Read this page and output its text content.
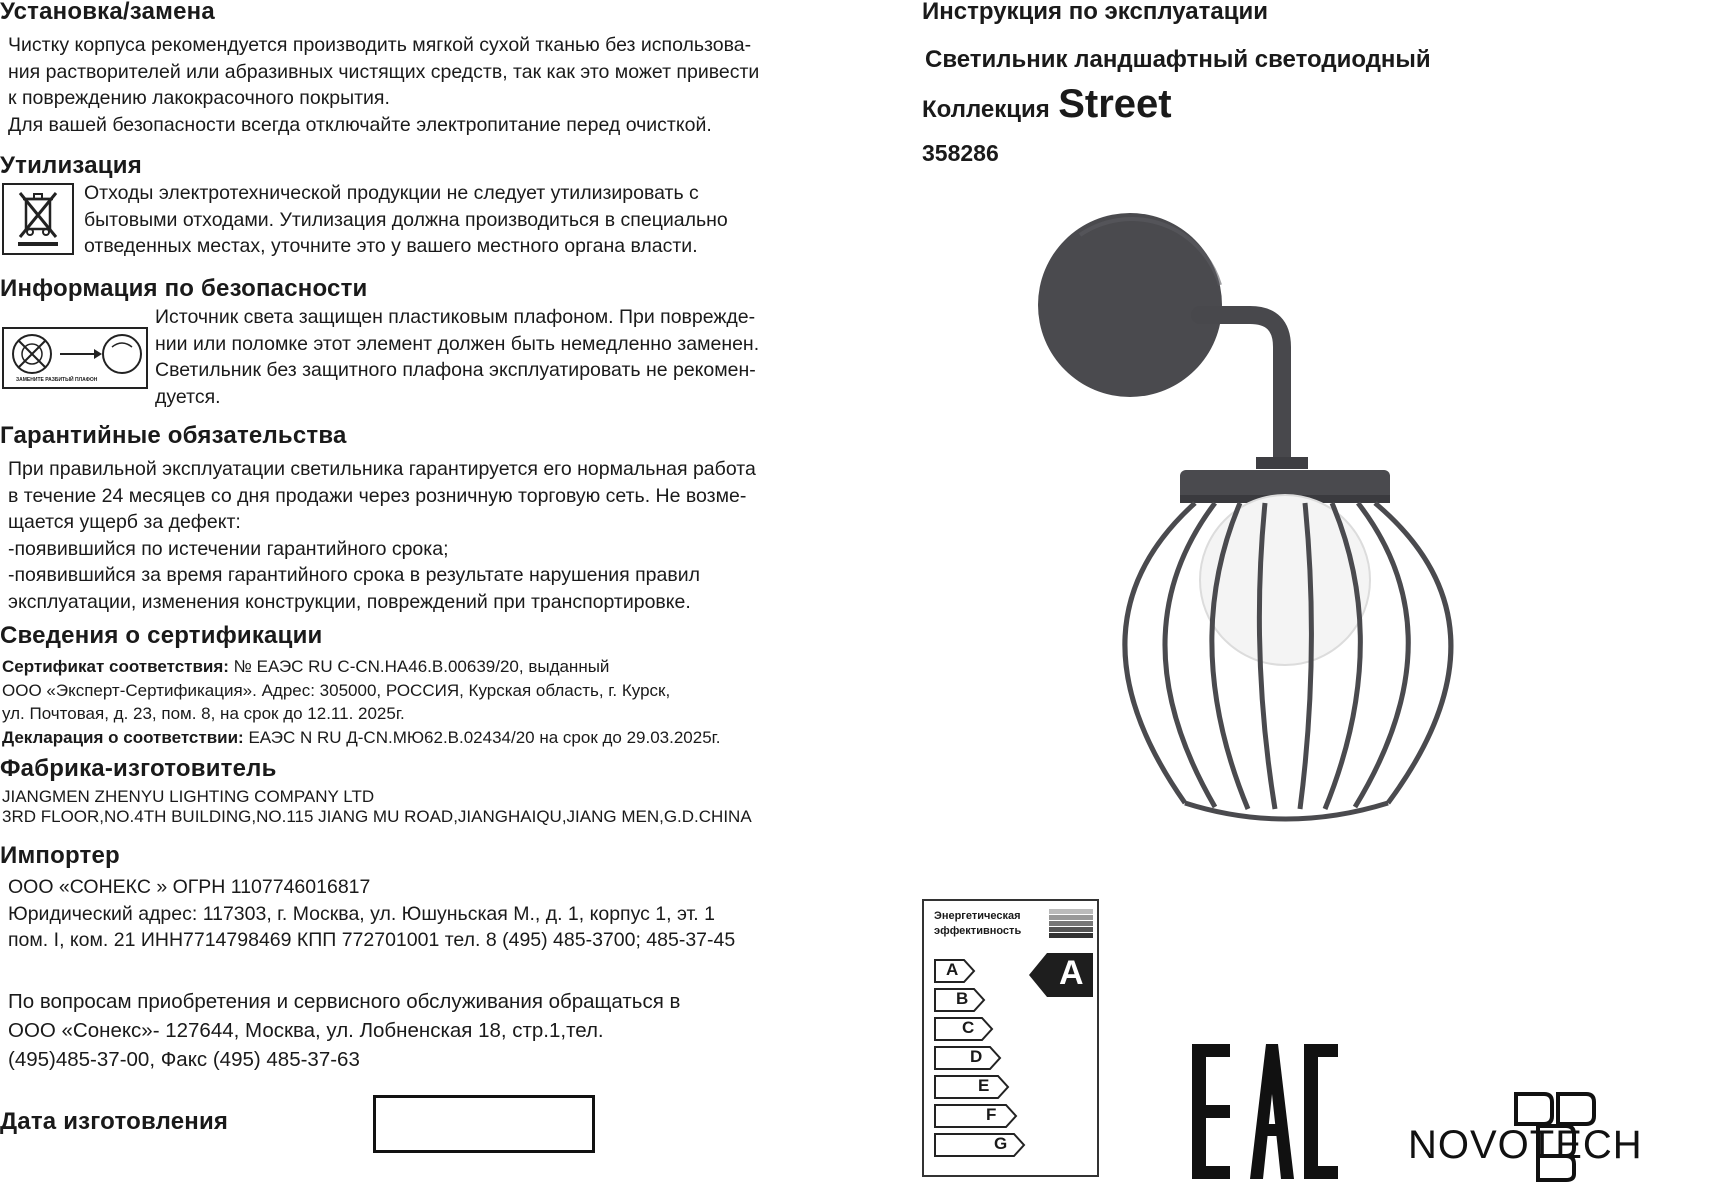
Установка/замена
Чистку корпуса рекомендуется производить мягкой сухой тканью без использова-
ния растворителей или абразивных чистящих средств, так как это может привести
к повреждению лакокрасочного покрытия.
Для вашей безопасности всегда отключайте электропитание перед очисткой.
Утилизация
Отходы электротехнической продукции не следует утилизировать с
бытовыми отходами. Утилизация должна производиться в специально
отведенных местах, уточните это у вашего местного органа власти.
Информация по безопасности
ЗАМЕНИТЕ РАЗБИТЫЙ ПЛАФОН
Источник света защищен пластиковым плафоном. При поврежде-
нии или поломке этот элемент должен быть немедленно заменен.
Светильник без защитного плафона эксплуатировать не рекомен-
дуется.
Гарантийные обязательства
При правильной эксплуатации светильника гарантируется его нормальная работа
в течение 24 месяцев со дня продажи через розничную торговую сеть. Не возме-
щается ущерб за дефект:
-появившийся по истечении гарантийного срока;
-появившийся за время гарантийного срока в результате нарушения правил
эксплуатации, изменения конструкции, повреждений при транспортировке.
Сведения о сертификации
Сертификат соответствия: № ЕАЭС RU C-CN.НА46.В.00639/20, выданный
ООО «Эксперт-Сертификация». Адрес: 305000, РОССИЯ, Курская область, г. Курск,
ул. Почтовая, д. 23, пом. 8, на срок до 12.11. 2025г.
Декларация о соответствии: ЕАЭС N RU Д-CN.МЮ62.В.02434/20 на срок до 29.03.2025г.
Фабрика-изготовитель
JIANGMEN ZHENYU LIGHTING COMPANY LTD
3RD FLOOR,NO.4TH BUILDING,NO.115 JIANG MU ROAD,JIANGHAIQU,JIANG MEN,G.D.CHINA
Импортер
ООО «СОНЕКС » ОГРН 1107746016817
Юридический адрес: 117303, г. Москва, ул. Юшуньская М., д. 1, корпус 1, эт. 1
пом. I, ком. 21 ИНН7714798469 КПП 772701001 тел. 8 (495) 485-3700; 485-37-45
По вопросам приобретения и сервисного обслуживания обращаться в
ООО «Сонекс»- 127644, Москва, ул. Лобненская 18, стр.1,тел.
(495)485-37-00, Факс (495) 485-37-63
Дата изготовления
Инструкция по эксплуатации
Светильник ландшафтный светодиодный
Коллекция Street
358286
Энергетическая
эффективность
A
B
C
D
E
F
G
A
NOVOTECH
